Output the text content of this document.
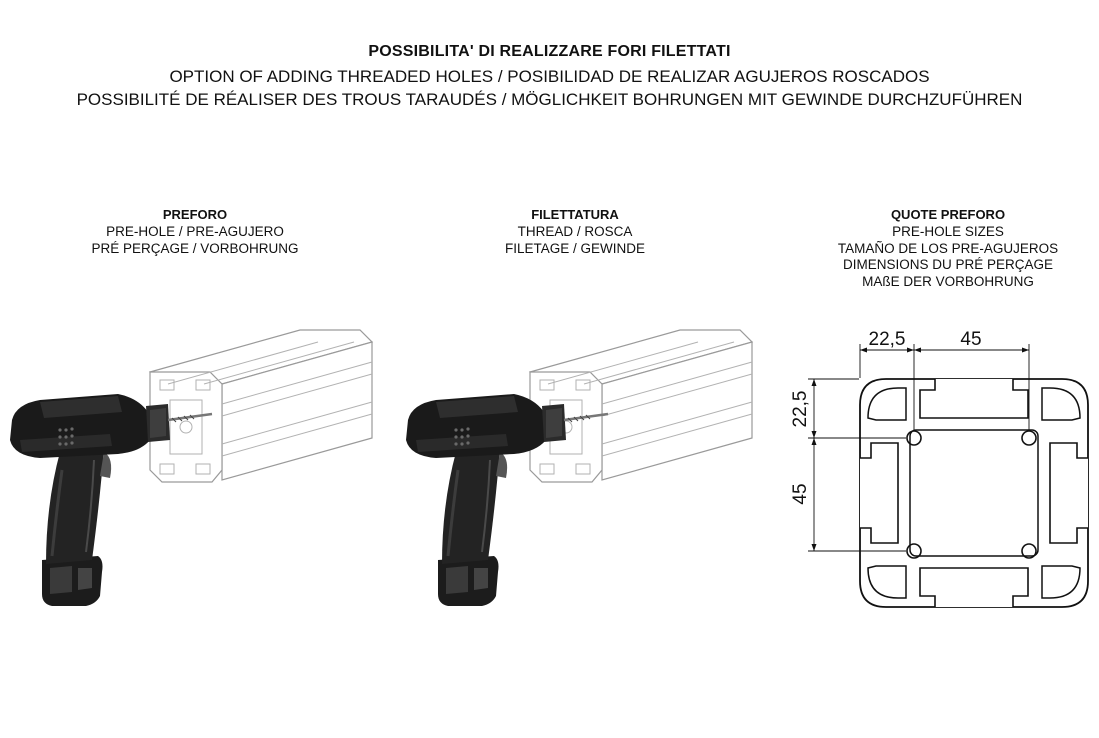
POSSIBILITA' DI REALIZZARE FORI FILETTATI
OPTION OF ADDING THREADED HOLES / POSIBILIDAD DE REALIZAR AGUJEROS ROSCADOS
POSSIBILITÉ DE RÉALISER DES TROUS TARAUDÉS / MÖGLICHKEIT BOHRUNGEN MIT GEWINDE DURCHZUFÜHREN
PREFORO
PRE-HOLE / PRE-AGUJERO
PRÉ PERÇAGE / VORBOHRUNG
FILETTATURA
THREAD / ROSCA
FILETAGE / GEWINDE
QUOTE PREFORO
PRE-HOLE SIZES
TAMAÑO DE LOS PRE-AGUJEROS
DIMENSIONS DU PRÉ PERÇAGE
MAßE DER VORBOHRUNG
22,5	45
22,5
45
